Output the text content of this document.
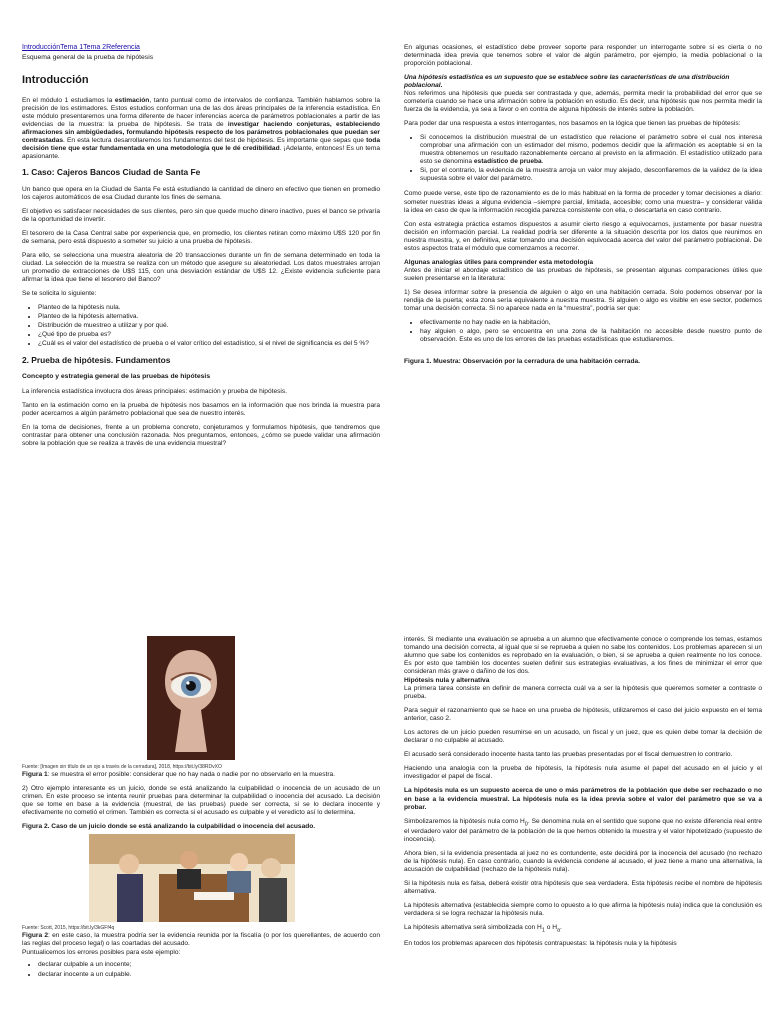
IntroducciónTema 1Tema 2Referencia
Esquema general de la prueba de hipótesis
Introducción

En el módulo 1 estudiamos la estimación, tanto puntual como de intervalos de confianza. También hablamos sobre la precisión de los estimadores. Estos estudios conforman una de las dos áreas principales de la inferencia estadística. En este módulo presentaremos una forma diferente de hacer inferencias acerca de parámetros poblacionales a partir de las evidencias de la muestra: la prueba de hipótesis. Se trata de investigar haciendo conjeturas, estableciendo afirmaciones sin ambigüedades, formulando hipótesis respecto de los parámetros poblacionales que puedan ser contrastadas. En esta lectura desarrollaremos los fundamentos del test de hipótesis. Es importante que sepas que toda decisión tiene que estar fundamentada en una metodología que le dé credibilidad. ¡Adelante, entonces! Es un tema apasionante.

1. Caso: Cajeros Bancos Ciudad de Santa Fe

Un banco que opera en la Ciudad de Santa Fe está estudiando la cantidad de dinero en efectivo que tienen en promedio los cajeros automáticos de esa Ciudad durante los fines de semana.

El objetivo es satisfacer necesidades de sus clientes, pero sin que quede mucho dinero inactivo, pues el banco se privaría de la oportunidad de invertir.

El tesorero de la Casa Central sabe por experiencia que, en promedio, los clientes retiran como máximo U$S 120 por fin de semana, pero está dispuesto a someter su juicio a una prueba de hipótesis.

Para ello, se selecciona una muestra aleatoria de 20 transacciones durante un fin de semana determinado en toda la ciudad. La selección de la muestra se realiza con un método que asegure su aleatoriedad. Los datos muestrales arrojan un promedio de extracciones de U$S 115, con una desviación estándar de U$S 12. ¿Existe evidencia suficiente para afirmar la idea que tiene el tesorero del Banco?

Se te solicita lo siguiente:

• Planteo de la hipótesis nula.
• Planteo de la hipótesis alternativa.
• Distribución de muestreo a utilizar y por qué.
• ¿Qué tipo de prueba es?
• ¿Cuál es el valor del estadístico de prueba o el valor crítico del estadístico, si el nivel de significancia es del 5 %?
2. Prueba de hipótesis. Fundamentos
Concepto y estrategia general de las pruebas de hipótesis

La inferencia estadística involucra dos áreas principales: estimación y prueba de hipótesis.

Tanto en la estimación como en la prueba de hipótesis nos basamos en la información que nos brinda la muestra para poder acercarnos a algún parámetro poblacional que sea de nuestro interés.

En la toma de decisiones, frente a un problema concreto, conjeturamos y formulamos hipótesis, que tendremos que contrastar para obtener una conclusión razonada. Nos preguntamos, entonces, ¿cómo se puede validar una afirmación sobre la población que se realiza a través de una evidencia muestral?

En algunas ocasiones, el estadístico debe proveer soporte para responder un interrogante sobre si es cierta o no determinada idea previa que tenemos sobre el valor de algún parámetro, por ejemplo, la media poblacional o la proporción poblacional.

Una hipótesis estadística es un supuesto que se establece sobre las características de una distribución poblacional.

Nos referimos una hipótesis que pueda ser contrastada y que, además, permita medir la probabilidad del error que se cometería cuando se hace una afirmación sobre la población en estudio. Es decir, una hipótesis que nos permita medir la fuerza de la evidencia, ya sea a favor o en contra de alguna hipótesis de interés sobre la población.

Para poder dar una respuesta a estos interrogantes, nos basamos en la lógica que tienen las pruebas de hipótesis:

• Si conocemos la distribución muestral de un estadístico que relacione el parámetro sobre el cual nos interesa comprobar una afirmación con un estimador del mismo, podemos decidir que la afirmación es aceptable si en la muestra obtenemos un resultado razonablemente cercano al previsto en la afirmación. El estadístico utilizado para esto se denomina estadístico de prueba.
• Si, por el contrario, la evidencia de la muestra arroja un valor muy alejado, desconfiaremos de la validez de la idea supuesta sobre el valor del parámetro.

Como puede verse, este tipo de razonamiento es de lo más habitual en la forma de proceder y tomar decisiones a diario: someter nuestras ideas a alguna evidencia –siempre parcial, limitada, accesible; como una muestra– y considerar válida la idea en caso de que la información recogida parezca consistente con ella, o descartarla en caso contrario.

Con esta estrategia práctica estamos dispuestos a asumir cierto riesgo a equivocarnos, justamente por basar nuestra decisión en información parcial. La realidad podría ser diferente a la situación descrita por los datos que reunimos en nuestra muestra, y, en definitiva, estar tomando una decisión equivocada acerca del valor del parámetro poblacional. De estos aspectos trata el módulo que comenzamos a recorrer.

Algunas analogías útiles para comprender esta metodología

Antes de iniciar el abordaje estadístico de las pruebas de hipótesis, se presentan algunas comparaciones útiles que suelen presentarse en la literatura:

1) Se desea informar sobre la presencia de alguien o algo en una habitación cerrada. Solo podemos observar por la rendija de la puerta; esta zona sería equivalente a nuestra muestra. Si alguien o algo es visible en ese sector, podemos tomar una decisión correcta. Si no aparece nada en la “muestra”, podría ser que:

• efectivamente no hay nadie en la habitación,
• hay alguien o algo, pero se encuentra en una zona de la habitación no accesible desde nuestro punto de observación. Este es uno de los errores de las pruebas estadísticas que estudiaremos.
Figura 1. Muestra: Observación por la cerradura de una habitación cerrada.
Fuente: [Imagen sin título de un ojo a través de la cerradura], 2018, https://bit.ly/38RDvXO

Figura 1: se muestra el error posible: considerar que no hay nada o nadie por no observarlo en la muestra.

2) Otro ejemplo interesante es un juicio, donde se está analizando la culpabilidad o inocencia de un acusado de un crimen. En este proceso se intenta reunir pruebas para determinar la culpabilidad o inocencia del acusado. La decisión que se tome en base a la evidencia (muestral, de las pruebas) puede ser correcta, si se lo declara inocente y efectivamente no cometió el crimen. También es correcta si el acusado es culpable y el veredicto así lo determina.

Figura 2. Caso de un juicio donde se está analizando la culpabilidad o inocencia del acusado.
Fuente: Scott, 2015, https://bit.ly/3kGFf4q

Figura 2: en este caso, la muestra podría ser la evidencia reunida por la fiscalía (o por los querellantes, de acuerdo con las reglas del proceso legal) o las coartadas del acusado.

Puntualicemos los errores posibles para este ejemplo:

• declarar culpable a un inocente;
• declarar inocente a un culpable.

interés. Si mediante una evaluación se aprueba a un alumno que efectivamente conoce o comprende los temas, estamos tomando una decisión correcta, al igual que si se reprueba a quien no sabe los contenidos. Los problemas aparecen si un alumno que sabe los contenidos es reprobado en la evaluación, o bien, si se aprueba a quien realmente no los conoce. Es por esto que también los docentes suelen definir sus estrategias evaluativas, a los fines de minimizar el error que consideran más grave o dañino de los dos.

Hipótesis nula y alternativa

La primera tarea consiste en definir de manera correcta cuál va a ser la hipótesis que queremos someter a contraste o prueba.

Para seguir el razonamiento que se hace en una prueba de hipótesis, utilizaremos el caso del juicio expuesto en el tema anterior, caso 2.

Los actores de un juicio pueden resumirse en un acusado, un fiscal y un juez, que es quien debe tomar la decisión de declarar o no culpable al acusado.

El acusado será considerado inocente hasta tanto las pruebas presentadas por el fiscal demuestren lo contrario.

Haciendo una analogía con la prueba de hipótesis, la hipótesis nula asume el papel del acusado en el juicio y el investigador el papel de fiscal.

La hipótesis nula es un supuesto acerca de uno o más parámetros de la población que debe ser rechazado o no en base a la evidencia muestral. La hipótesis nula es la idea previa sobre el valor del parámetro que se va a probar.

Simbolizaremos la hipótesis nula como $H_0$. Se denomina nula en el sentido que supone que no existe diferencia real entre el verdadero valor del parámetro de la población de la que hemos obtenido la muestra y el valor hipotetizado (supuesto de inocencia).

Ahora bien, si la evidencia presentada al juez no es contundente, este decidirá por la inocencia del acusado (no rechazo de la hipótesis nula). En caso contrario, cuando la evidencia condene al acusado, el juez tiene a mano una alternativa, la acusación de culpabilidad (rechazo de la hipótesis nula).

Si la hipótesis nula es falsa, deberá existir otra hipótesis que sea verdadera. Esta hipótesis recibe el nombre de hipótesis alternativa.

La hipótesis alternativa (establecida siempre como lo opuesto a lo que afirma la hipótesis nula) indica que la conclusión es verdadera si se logra rechazar la hipótesis nula.

La hipótesis alternativa será simbolizada con $H_1$ o $H_a$.

En todos los problemas aparecen dos hipótesis contrapuestas: la hipótesis nula y la hipótesis
